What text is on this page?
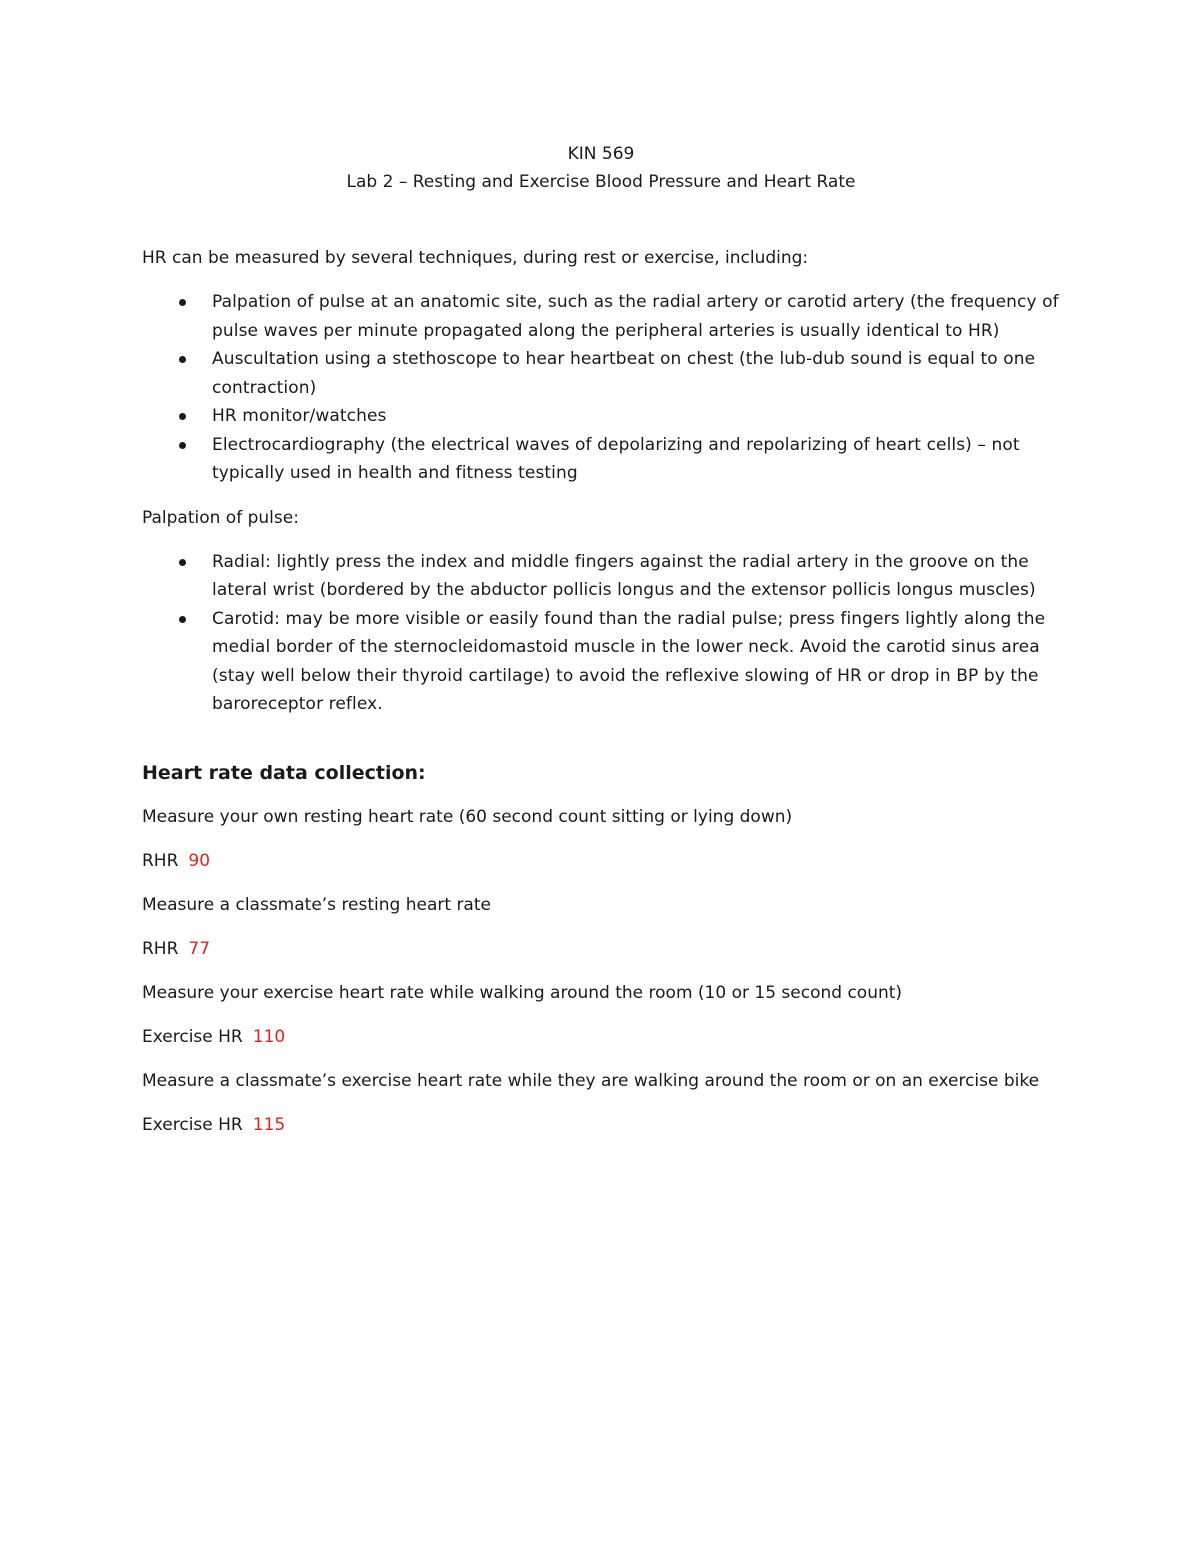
KIN 569
Lab 2 – Resting and Exercise Blood Pressure and Heart Rate

HR can be measured by several techniques, during rest or exercise, including:

Palpation of pulse at an anatomic site, such as the radial artery or carotid artery (the frequency of pulse waves per minute propagated along the peripheral arteries is usually identical to HR)
Auscultation using a stethoscope to hear heartbeat on chest (the lub-dub sound is equal to one contraction)
HR monitor/watches
Electrocardiography (the electrical waves of depolarizing and repolarizing of heart cells) – not typically used in health and fitness testing

Palpation of pulse:

Radial: lightly press the index and middle fingers against the radial artery in the groove on the lateral wrist (bordered by the abductor pollicis longus and the extensor pollicis longus muscles)
Carotid: may be more visible or easily found than the radial pulse; press fingers lightly along the medial border of the sternocleidomastoid muscle in the lower neck. Avoid the carotid sinus area (stay well below their thyroid cartilage) to avoid the reflexive slowing of HR or drop in BP by the baroreceptor reflex.
Heart rate data collection:

Measure your own resting heart rate (60 second count sitting or lying down)

RHR 90

Measure a classmate’s resting heart rate

RHR 77

Measure your exercise heart rate while walking around the room (10 or 15 second count)

Exercise HR 110

Measure a classmate’s exercise heart rate while they are walking around the room or on an exercise bike

Exercise HR 115
